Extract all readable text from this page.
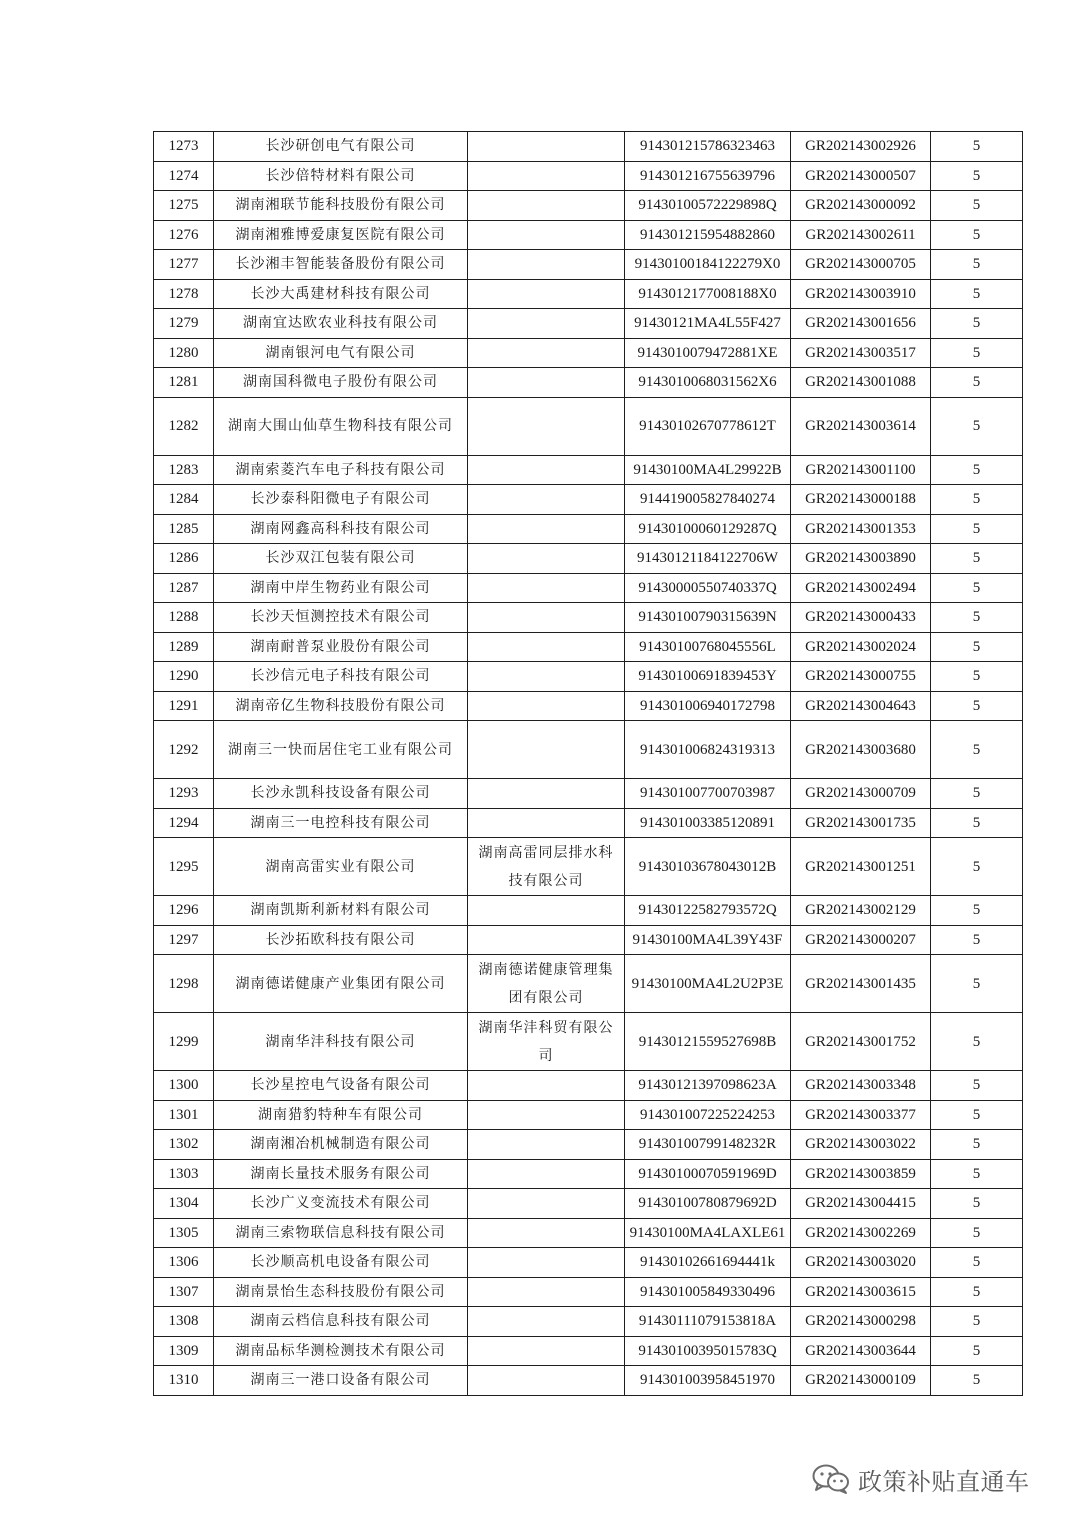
1273	长沙研创电气有限公司		914301215786323463	GR202143002926	5
1274	长沙倍特材料有限公司		914301216755639796	GR202143000507	5
1275	湖南湘联节能科技股份有限公司		91430100572229898Q	GR202143000092	5
1276	湖南湘雅博爱康复医院有限公司		914301215954882860	GR202143002611	5
1277	长沙湘丰智能装备股份有限公司		91430100184122279X0	GR202143000705	5
1278	长沙大禹建材科技有限公司		9143012177008188X0	GR202143003910	5
1279	湖南宜达欧农业科技有限公司		91430121MA4L55F427	GR202143001656	5
1280	湖南银河电气有限公司		9143010079472881XE	GR202143003517	5
1281	湖南国科微电子股份有限公司		9143010068031562X6	GR202143001088	5
1282	湖南大围山仙草生物科技有限公司		91430102670778612T	GR202143003614	5
1283	湖南索菱汽车电子科技有限公司		91430100MA4L29922B	GR202143001100	5
1284	长沙泰科阳微电子有限公司		914419005827840274	GR202143000188	5
1285	湖南网鑫高科科技有限公司		91430100060129287Q	GR202143001353	5
1286	长沙双江包装有限公司		91430121184122706W	GR202143003890	5
1287	湖南中岸生物药业有限公司		91430000550740337Q	GR202143002494	5
1288	长沙天恒测控技术有限公司		91430100790315639N	GR202143000433	5
1289	湖南耐普泵业股份有限公司		91430100768045556L	GR202143002024	5
1290	长沙信元电子科技有限公司		91430100691839453Y	GR202143000755	5
1291	湖南帝亿生物科技股份有限公司		914301006940172798	GR202143004643	5
1292	湖南三一快而居住宅工业有限公司		914301006824319313	GR202143003680	5
1293	长沙永凯科技设备有限公司		914301007700703987	GR202143000709	5
1294	湖南三一电控科技有限公司		914301003385120891	GR202143001735	5
1295	湖南高雷实业有限公司	湖南高雷同层排水科技有限公司	91430103678043012B	GR202143001251	5
1296	湖南凯斯利新材料有限公司		91430122582793572Q	GR202143002129	5
1297	长沙拓欧科技有限公司		91430100MA4L39Y43F	GR202143000207	5
1298	湖南德诺健康产业集团有限公司	湖南德诺健康管理集团有限公司	91430100MA4L2U2P3E	GR202143001435	5
1299	湖南华沣科技有限公司	湖南华沣科贸有限公司	91430121559527698B	GR202143001752	5
1300	长沙星控电气设备有限公司		91430121397098623A	GR202143003348	5
1301	湖南猎豹特种车有限公司		914301007225224253	GR202143003377	5
1302	湖南湘冶机械制造有限公司		91430100799148232R	GR202143003022	5
1303	湖南长量技术服务有限公司		91430100070591969D	GR202143003859	5
1304	长沙广义变流技术有限公司		91430100780879692D	GR202143004415	5
1305	湖南三索物联信息科技有限公司		91430100MA4LAXLE61	GR202143002269	5
1306	长沙顺高机电设备有限公司		91430102661694441k	GR202143003020	5
1307	湖南景怡生态科技股份有限公司		914301005849330496	GR202143003615	5
1308	湖南云档信息科技有限公司		91430111079153818A	GR202143000298	5
1309	湖南品标华测检测技术有限公司		91430100395015783Q	GR202143003644	5
1310	湖南三一港口设备有限公司		914301003958451970	GR202143000109	5
政策补贴直通车
